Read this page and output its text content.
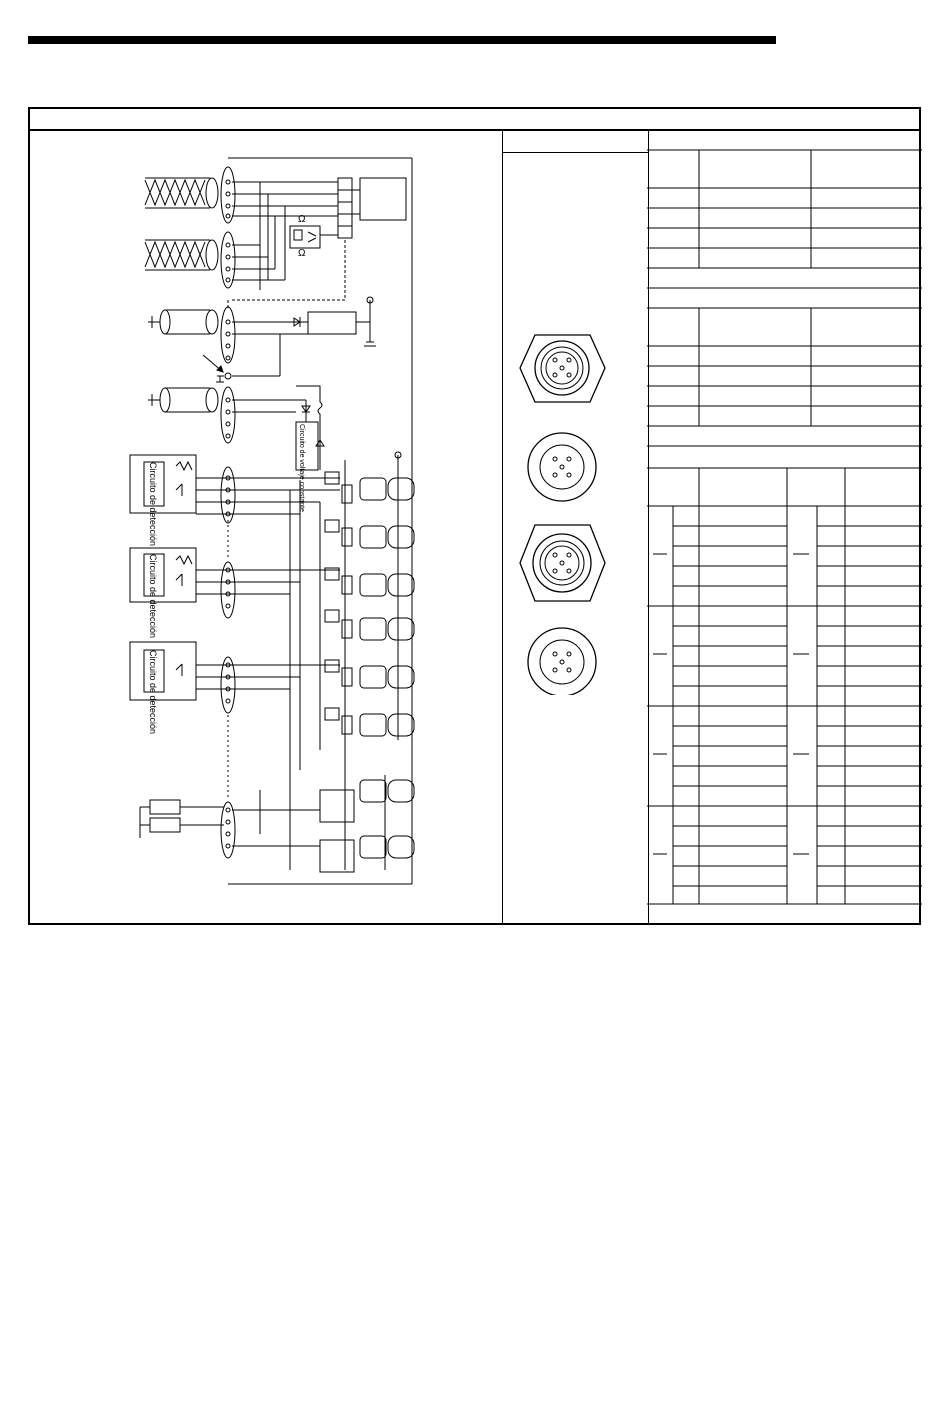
Circuito de detección
Circuito de detección
Circuito de detección
Circuito de voltaje constante
Ω
Ω
